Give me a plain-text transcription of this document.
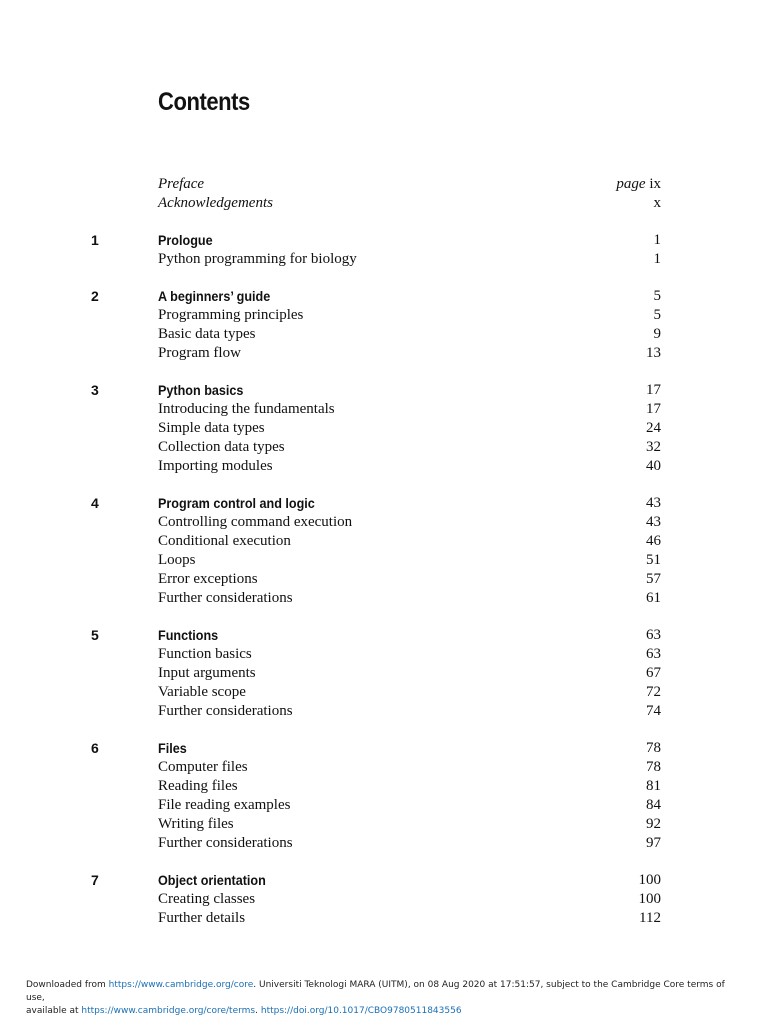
Contents
Preface	page ix
Acknowledgements	x
1	Prologue	1
Python programming for biology	1
2	A beginners’ guide	5
Programming principles	5
Basic data types	9
Program flow	13
3	Python basics	17
Introducing the fundamentals	17
Simple data types	24
Collection data types	32
Importing modules	40
4	Program control and logic	43
Controlling command execution	43
Conditional execution	46
Loops	51
Error exceptions	57
Further considerations	61
5	Functions	63
Function basics	63
Input arguments	67
Variable scope	72
Further considerations	74
6	Files	78
Computer files	78
Reading files	81
File reading examples	84
Writing files	92
Further considerations	97
7	Object orientation	100
Creating classes	100
Further details	112
Downloaded from https://www.cambridge.org/core. Universiti Teknologi MARA (UITM), on 08 Aug 2020 at 17:51:57, subject to the Cambridge Core terms of use,
available at https://www.cambridge.org/core/terms. https://doi.org/10.1017/CBO9780511843556
